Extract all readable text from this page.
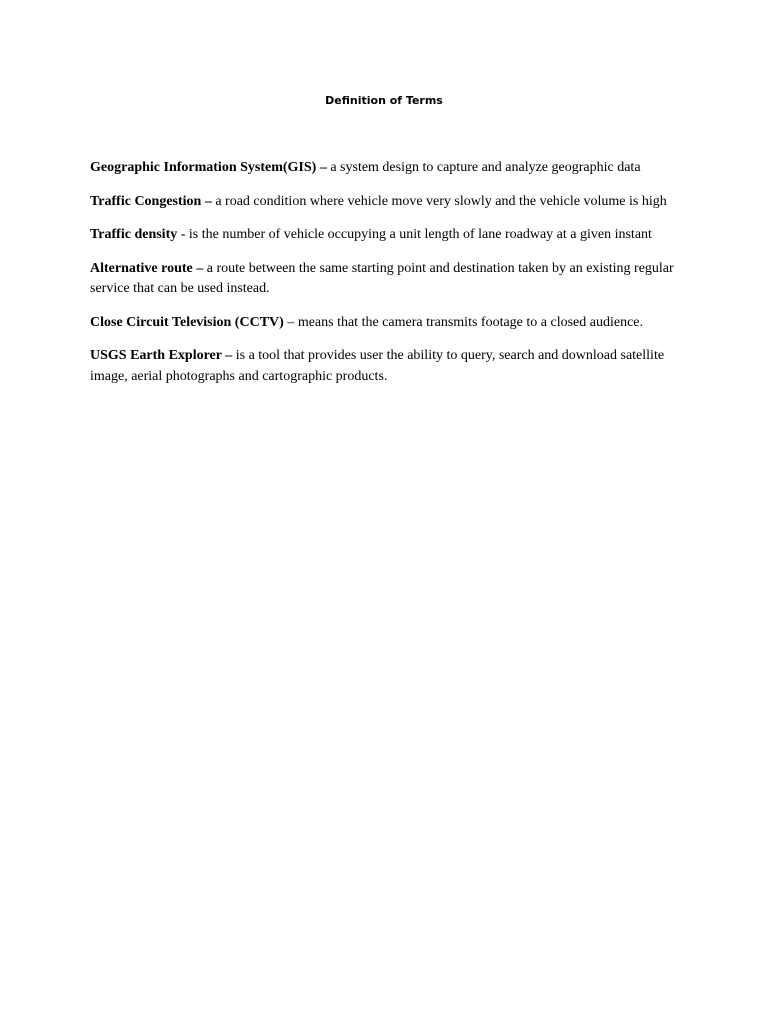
Definition of Terms

Geographic Information System(GIS) – a system design to capture and analyze geographic data

Traffic Congestion – a road condition where vehicle move very slowly and the vehicle volume is high

Traffic density - is the number of vehicle occupying a unit length of lane roadway at a given instant

Alternative route – a route between the same starting point and destination taken by an existing regular service that can be used instead.

Close Circuit Television (CCTV) – means that the camera transmits footage to a closed audience.

USGS Earth Explorer – is a tool that provides user the ability to query, search and download satellite image, aerial photographs and cartographic products.
